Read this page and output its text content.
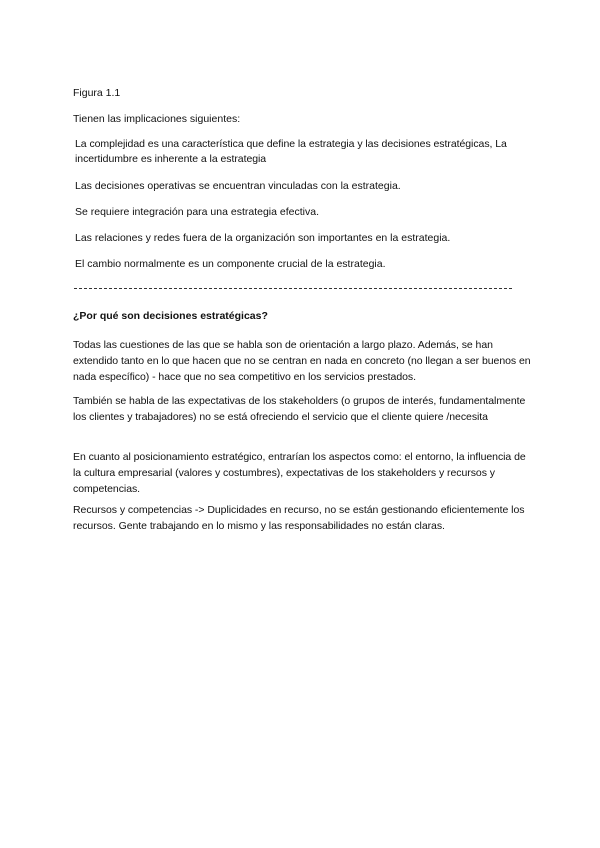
Figura 1.1
Tienen las implicaciones siguientes:
La complejidad es una característica que define la estrategia y las decisiones estratégicas, La incertidumbre es inherente a la estrategia
Las decisiones operativas se encuentran vinculadas con la estrategia.
Se requiere integración para una estrategia efectiva.
Las relaciones y redes fuera de la organización son importantes en la estrategia.
El cambio normalmente es un componente crucial de la estrategia.
¿Por qué son decisiones estratégicas?
Todas las cuestiones de las que se habla son de orientación a largo plazo. Además, se han extendido tanto en lo que hacen que no se centran en nada en concreto (no llegan a ser buenos en nada específico) - hace que no sea competitivo en los servicios prestados.
También se habla de las expectativas de los stakeholders (o grupos de interés, fundamentalmente los clientes y trabajadores) no se está ofreciendo el servicio que el cliente quiere /necesita
En cuanto al posicionamiento estratégico, entrarían los aspectos como: el entorno, la influencia de la cultura empresarial (valores y costumbres), expectativas de los stakeholders y recursos y competencias.
Recursos y competencias -> Duplicidades en recurso, no se están gestionando eficientemente los recursos. Gente trabajando en lo mismo y las responsabilidades no están claras.
